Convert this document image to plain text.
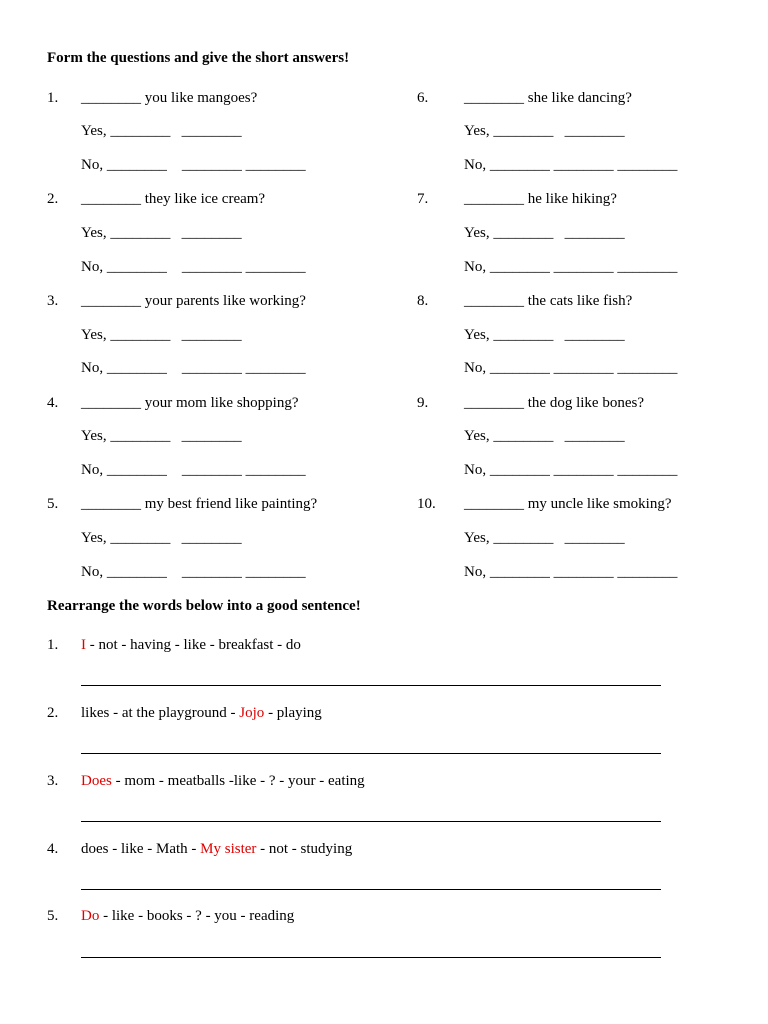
Form the questions and give the short answers!
1. ________ you like mangoes?
Yes, ________   ________
No, ________    ________ ________
2. ________ they like ice cream?
Yes, ________   ________
No, ________    ________ ________
3. ________ your parents like working?
Yes, ________   ________
No, ________    ________ ________
4. ________ your mom like shopping?
Yes, ________   ________
No, ________    ________ ________
5. ________ my best friend like painting?
Yes, ________   ________
No, ________    ________ ________
6. ________ she like dancing?
Yes, ________   ________
No, ________ ________ ________
7. ________ he like hiking?
Yes, ________   ________
No, ________ ________ ________
8. ________ the cats like fish?
Yes, ________   ________
No, ________ ________ ________
9. ________ the dog like bones?
Yes, ________   ________
No, ________ ________ ________
10. ________ my uncle like smoking?
Yes, ________   ________
No, ________ ________ ________
Rearrange the words below into a good sentence!
1. I - not - having - like - breakfast - do
2. likes - at the playground - Jojo - playing
3. Does - mom - meatballs -like - ? - your - eating
4. does - like - Math - My sister - not - studying
5. Do - like - books - ? - you - reading
